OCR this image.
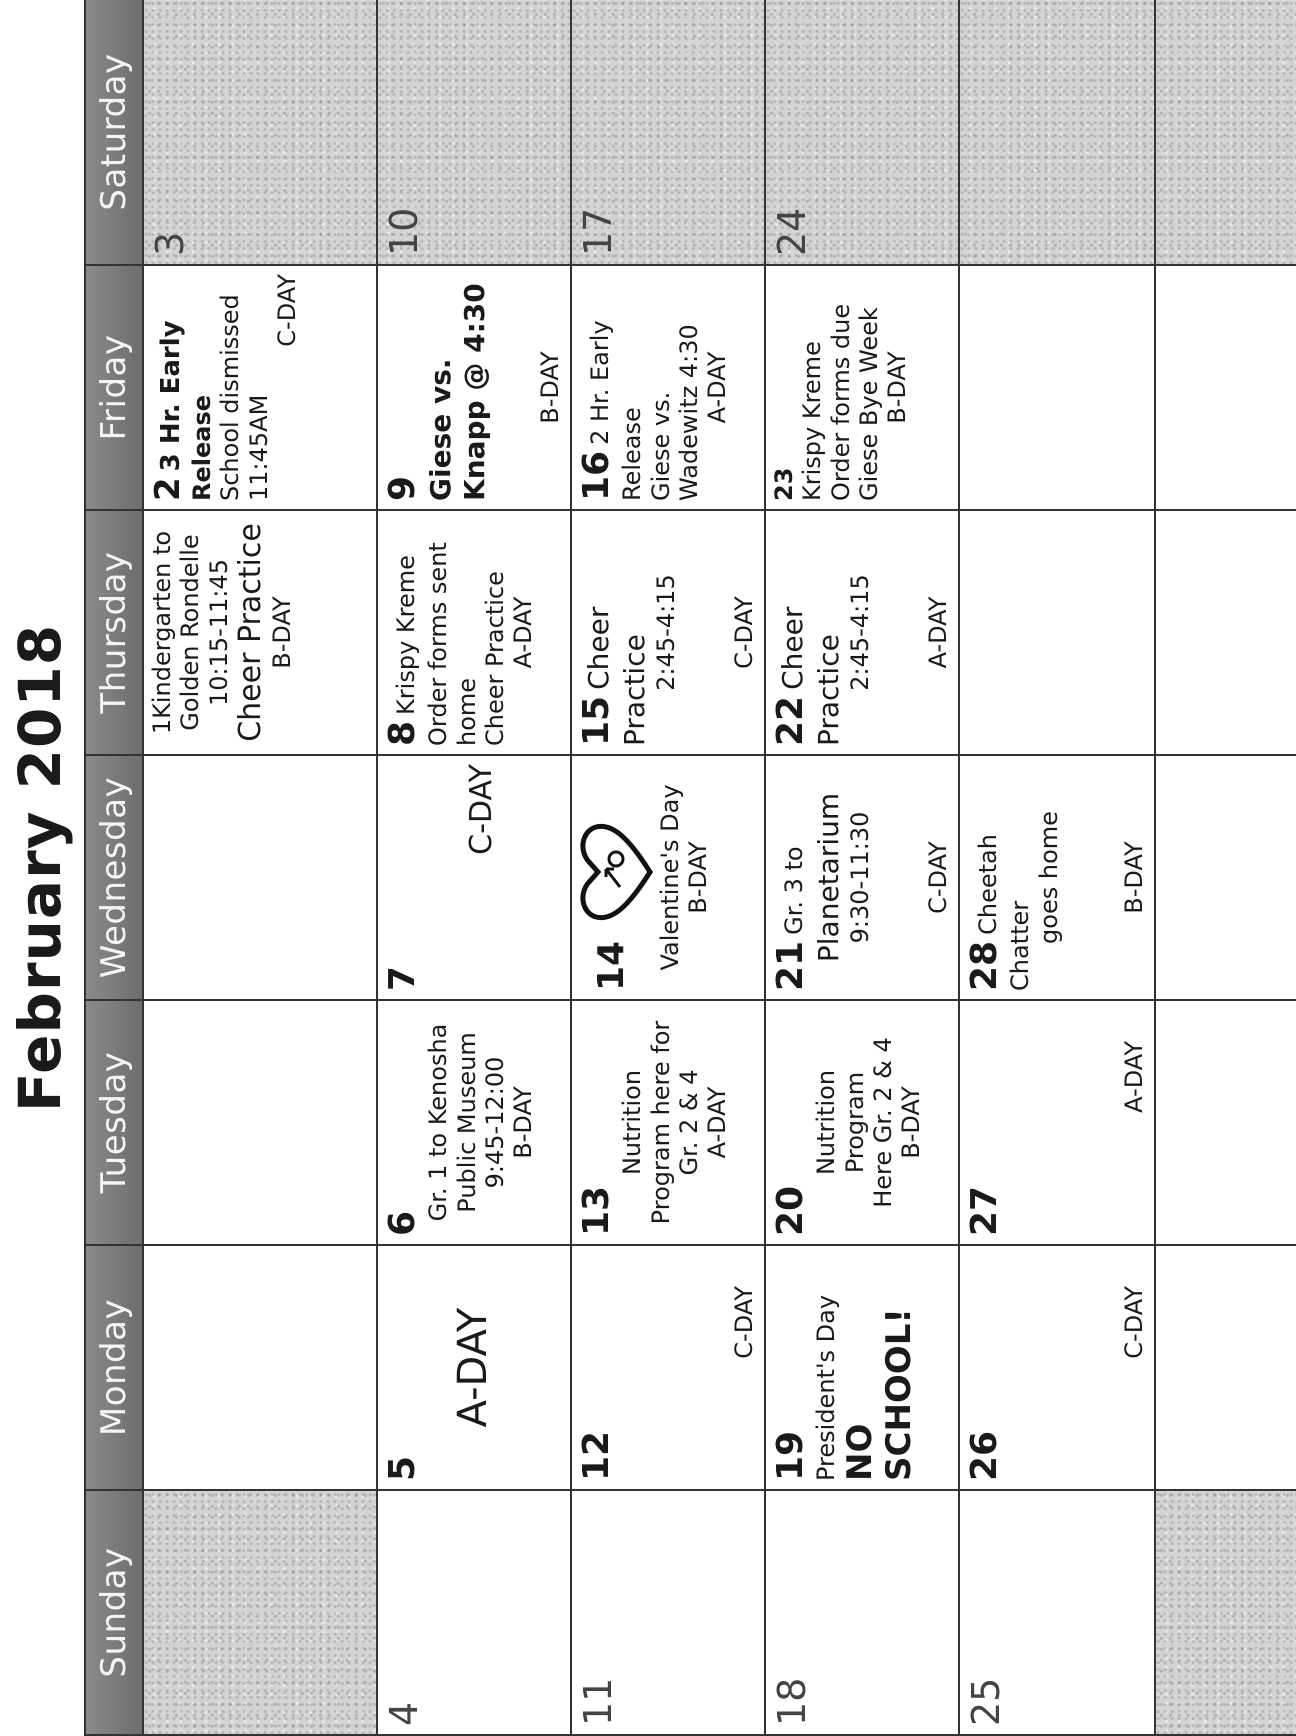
February 2018
Sunday
Monday
Tuesday
Wednesday
Thursday
Friday
Saturday
1Kindergarten to Golden Rondelle 10:15-11:45 Cheer Practice B-DAY
23 Hr. Early Release School dismissed 11:45AM
C-DAY
3
4
5
A-DAY
6
Gr. 1 to Kenosha Public Museum 9:45-12:00 B-DAY
7
C-DAY
8Krispy Kreme Order forms sent home Cheer Practice A-DAY
9 Giese vs. Knapp @ 4:30 B-DAY
10
11
12
C-DAY
13
Nutrition Program here for Gr. 2 & 4 A-DAY
14	Valentine's Day B-DAY
15Cheer Practice 2:45-4:15 C-DAY
162 Hr. Early
Release Giese vs. Wadewitz 4:30 A-DAY
17
18
19 President's Day NO SCHOOL!
20
Nutrition Program Here Gr. 2 & 4 B-DAY
21Gr. 3 to Planetarium 9:30-11:30 C-DAY
22Cheer Practice 2:45-4:15 A-DAY
23 Krispy Kreme Order forms due Giese Bye Week B-DAY
24
25
26
C-DAY
27
A-DAY
28Cheetah Chatter
goes home B-DAY
